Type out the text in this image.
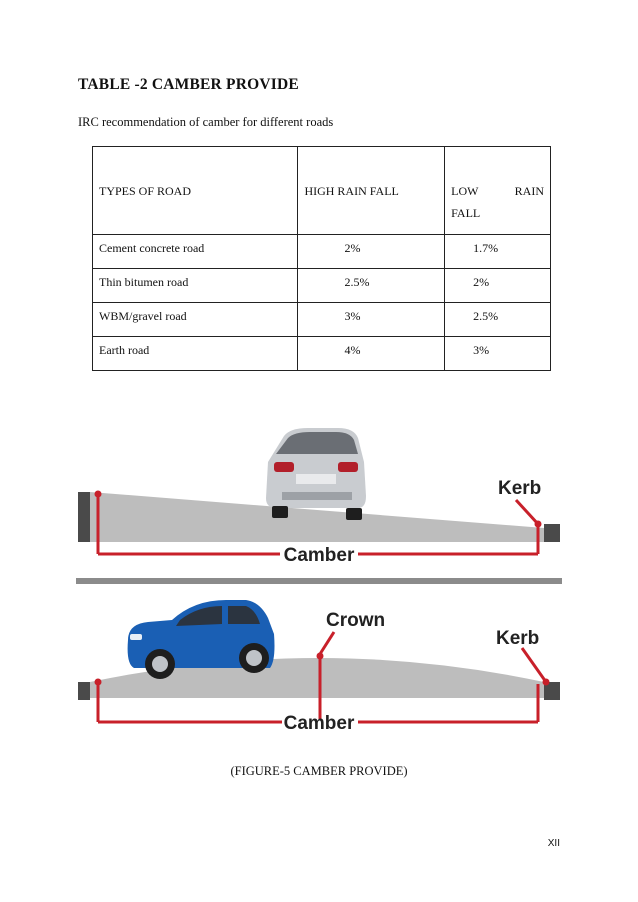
TABLE -2 CAMBER PROVIDE
IRC recommendation of camber for different roads
TYPES OF ROAD	HIGH RAIN FALL	LOW RAIN
FALL

Cement concrete road	2%	1.7%
Thin bitumen road	2.5%	2%
WBM/gravel road	3%	2.5%
Earth road	4%	3%
Kerb
Camber
Crown
Kerb
Camber
(FIGURE-5 CAMBER PROVIDE)
XII
